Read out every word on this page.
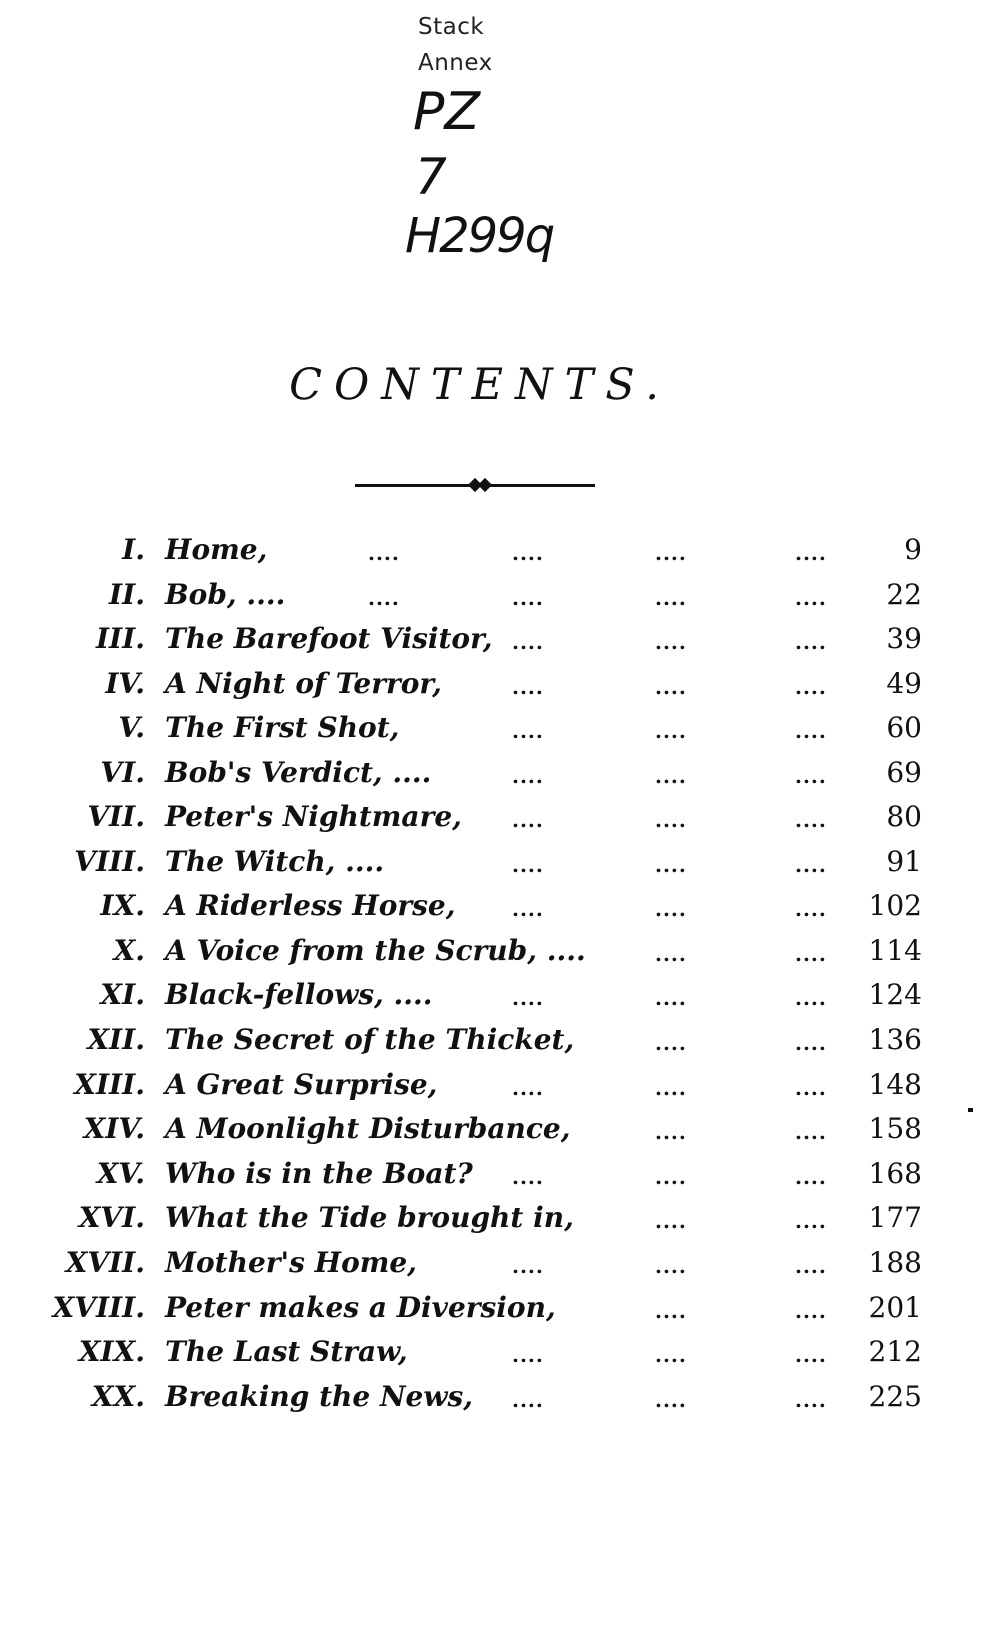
Stack
Annex
PZ
7
H299q
CONTENTS.
I. Home,	....	....	....	....	9
II. Bob, ....	....	....	....	.... 22
III. The Barefoot Visitor, ....	....	.... 39
IV. A Night of Terror,	....	....	.... 49
V. The First Shot,	....	....	.... 60
VI. Bob's Verdict, ....	....	....	.... 69
VII. Peter's Nightmare,	....	....	.... 80
VIII. The Witch, ....	....	....	.... 91
IX. A Riderless Horse,	....	....	.... 102
X. A Voice from the Scrub, ....	....	.... 114
XI. Black-fellows, ....	....	....	.... 124
XII. The Secret of the Thicket,	....	.... 136
XIII. A Great Surprise,	....	....	.... 148
XIV. A Moonlight Disturbance,	....	.... 158
XV. Who is in the Boat? ....	....	.... 168
XVI. What the Tide brought in,	....	.... 177
XVII. Mother's Home,	....	....	.... 188
XVIII. Peter makes a Diversion,	....	.... 201
XIX. The Last Straw,	....	....	.... 212
XX. Breaking the News, ....	....	.... 225
